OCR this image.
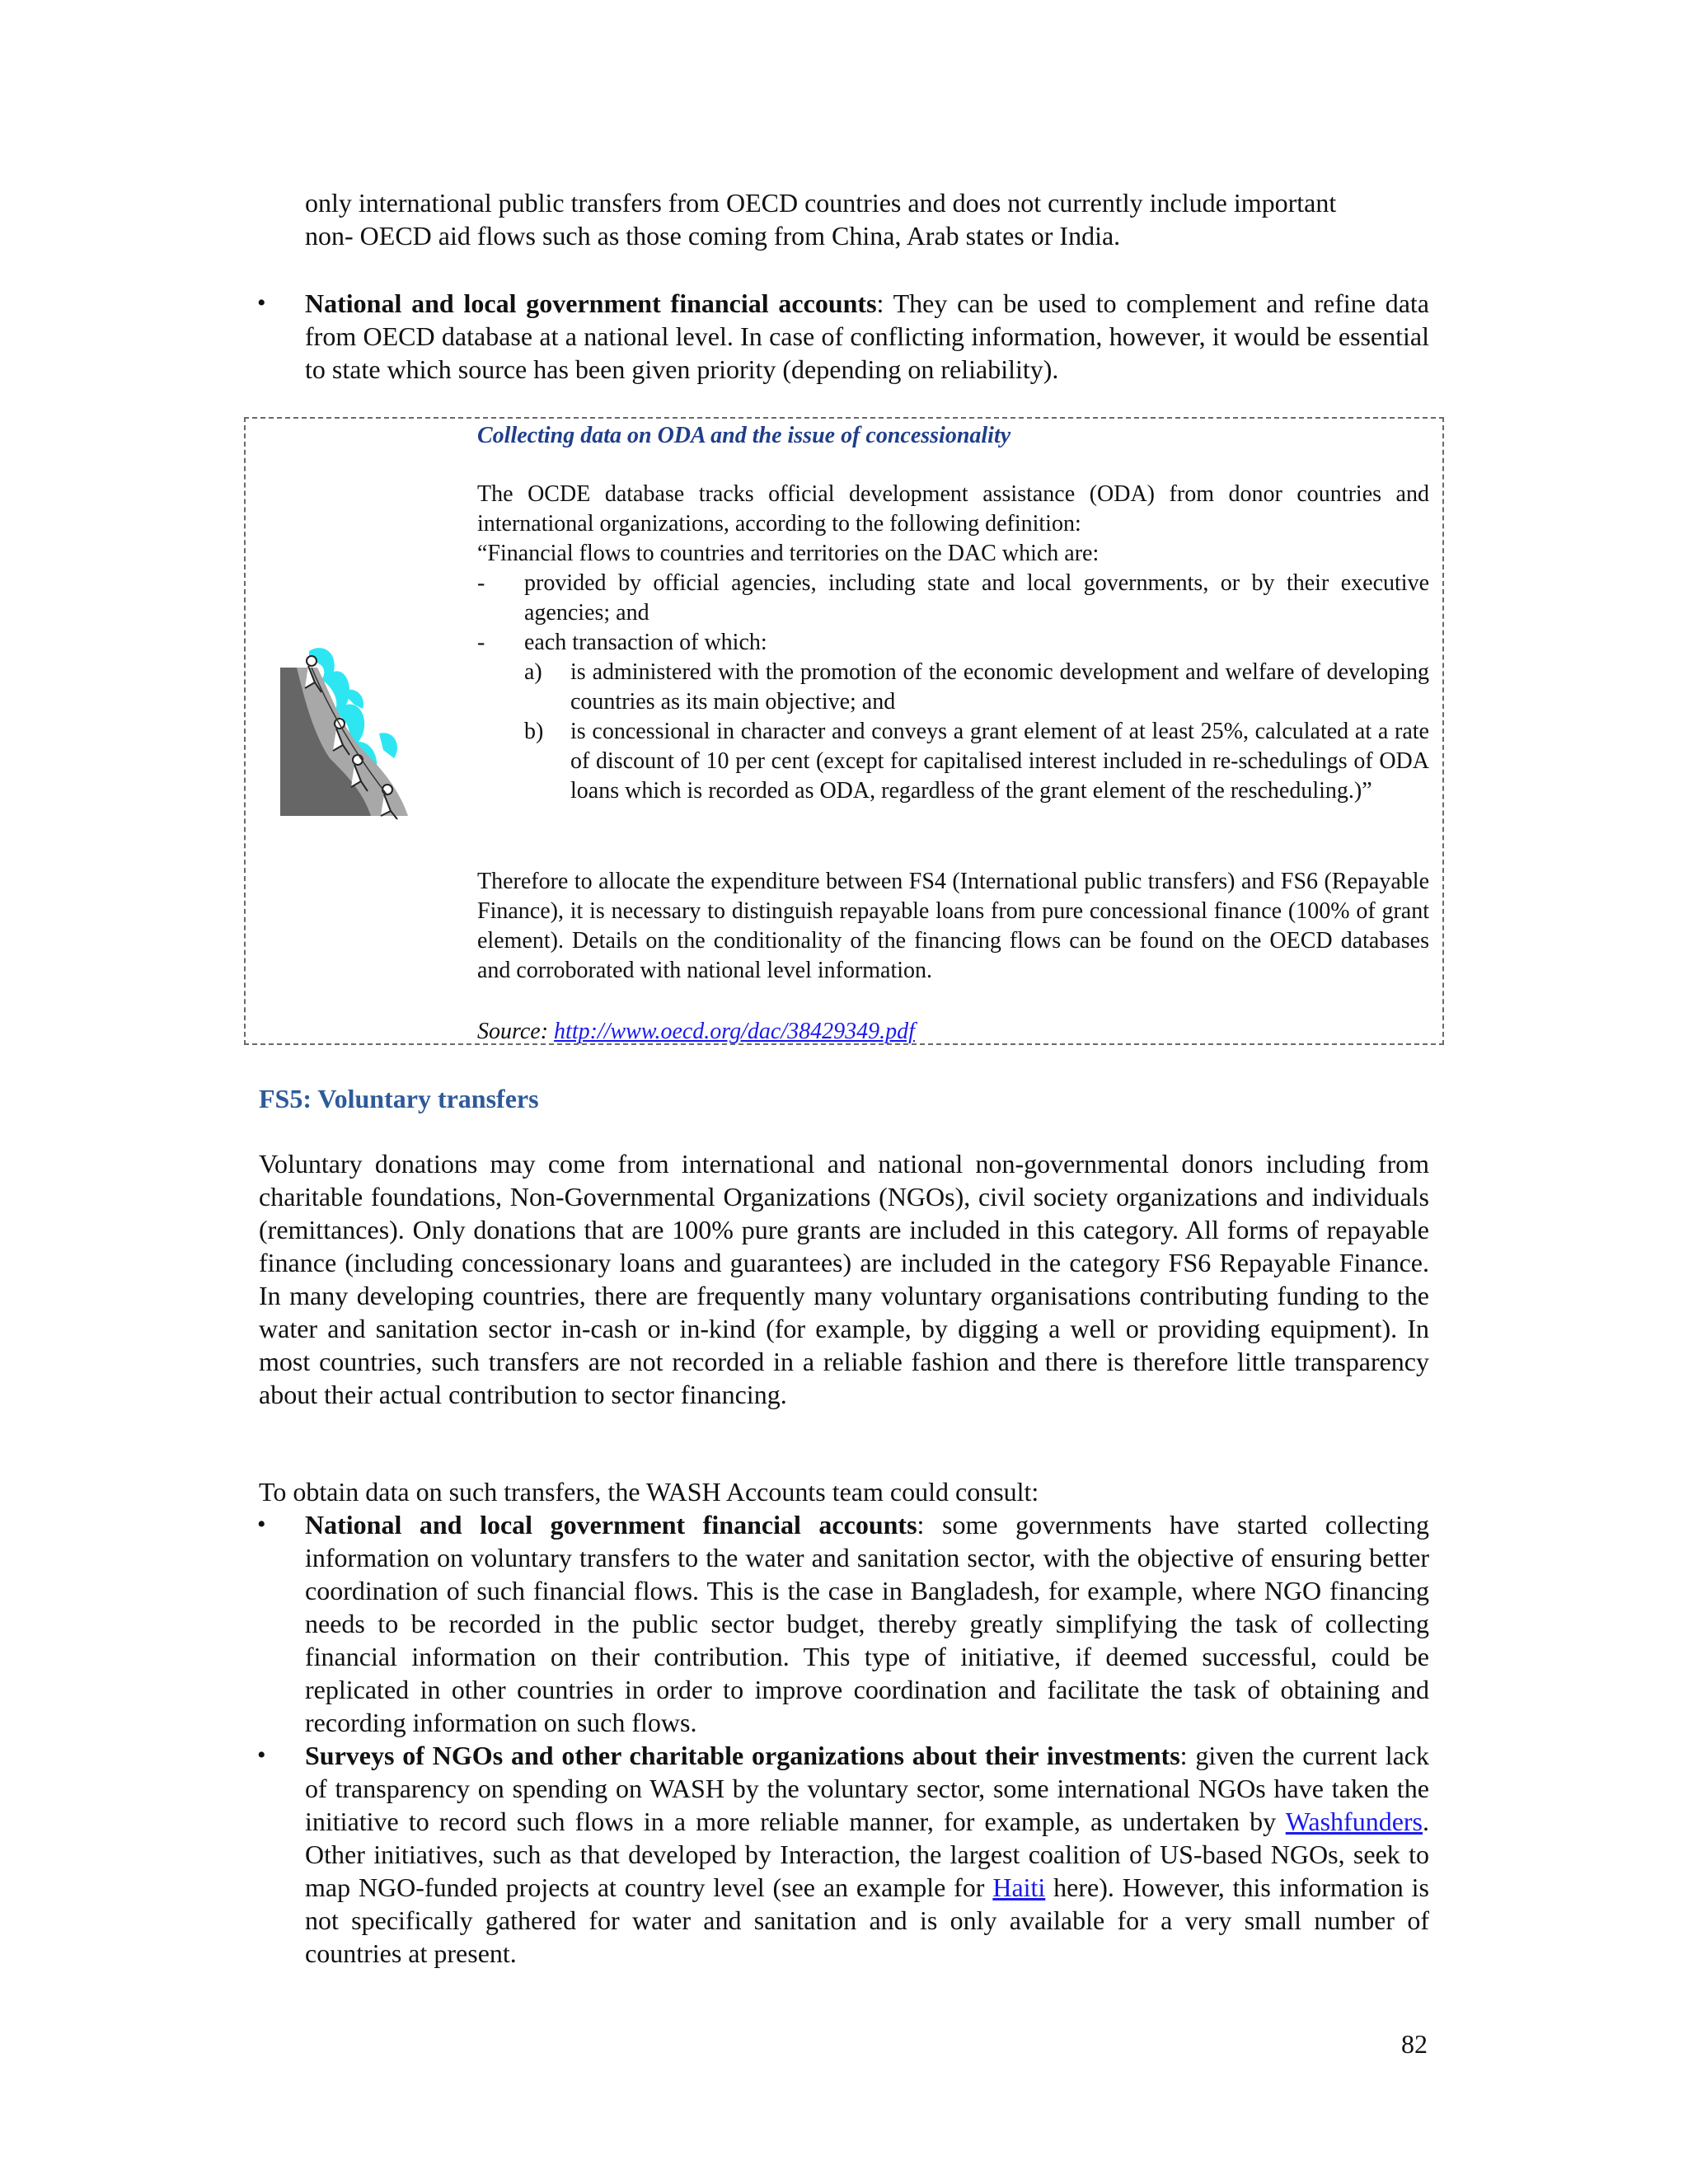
only international public transfers from OECD countries and does not currently include important

non- OECD aid flows such as those coming from China, Arab states or India.

• National and local government financial accounts: They can be used to complement and refine data from OECD database at a national level. In case of conflicting information, however, it would be essential to state which source has been given priority (depending on reliability).

Collecting data on ODA and the issue of concessionality

The OCDE database tracks official development assistance (ODA) from donor countries and international organizations, according to the following definition:

“Financial flows to countries and territories on the DAC which are:

- provided by official agencies, including state and local governments, or by their executive agencies; and

- each transaction of which:

a) is administered with the promotion of the economic development and welfare of developing countries as its main objective; and

b) is concessional in character and conveys a grant element of at least 25%, calculated at a rate of discount of 10 per cent (except for capitalised interest included in re-schedulings of ODA loans which is recorded as ODA, regardless of the grant element of the rescheduling.)”

Therefore to allocate the expenditure between FS4 (International public transfers) and FS6 (Repayable Finance), it is necessary to distinguish repayable loans from pure concessional finance (100% of grant element). Details on the conditionality of the financing flows can be found on the OECD databases and corroborated with national level information.

Source: http://www.oecd.org/dac/38429349.pdf

FS5: Voluntary transfers

Voluntary donations may come from international and national non-governmental donors including from charitable foundations, Non-Governmental Organizations (NGOs), civil society organizations and individuals (remittances). Only donations that are 100% pure grants are included in this category. All forms of repayable finance (including concessionary loans and guarantees) are included in the category FS6 Repayable Finance. In many developing countries, there are frequently many voluntary organisations contributing funding to the water and sanitation sector in-cash or in-kind (for example, by digging a well or providing equipment). In most countries, such transfers are not recorded in a reliable fashion and there is therefore little transparency about their actual contribution to sector financing.

To obtain data on such transfers, the WASH Accounts team could consult:

• National and local government financial accounts: some governments have started collecting information on voluntary transfers to the water and sanitation sector, with the objective of ensuring better coordination of such financial flows. This is the case in Bangladesh, for example, where NGO financing needs to be recorded in the public sector budget, thereby greatly simplifying the task of collecting financial information on their contribution. This type of initiative, if deemed successful, could be replicated in other countries in order to improve coordination and facilitate the task of obtaining and recording information on such flows.

• Surveys of NGOs and other charitable organizations about their investments: given the current lack of transparency on spending on WASH by the voluntary sector, some international NGOs have taken the initiative to record such flows in a more reliable manner, for example, as undertaken by Washfunders. Other initiatives, such as that developed by Interaction, the largest coalition of US-based NGOs, seek to map NGO-funded projects at country level (see an example for Haiti here). However, this information is not specifically gathered for water and sanitation and is only available for a very small number of countries at present.

82
